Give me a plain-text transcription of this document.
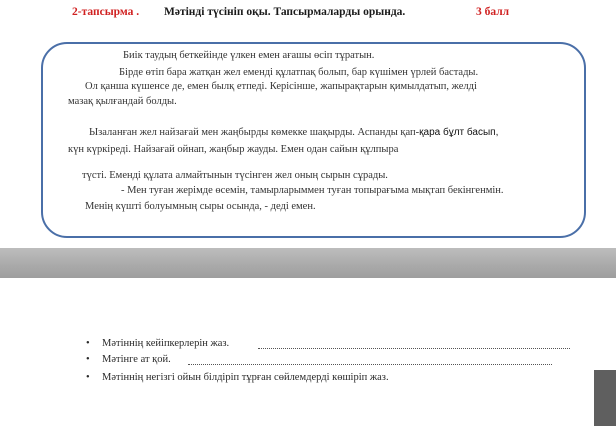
2-тапсырма . Мәтінді түсініп оқы. Тапсырмаларды орында.	3 балл
Биік таудың беткейінде үлкен емен ағашы өсіп тұратын.
Бірде өтіп бара жатқан жел еменді құлатпақ болып, бар күшімен үрлей бастады.
Ол қанша күшенсе де, емен былқ етпеді. Керісінше, жапырақтарын қимылдатып, желді
мазақ қылғандай болды.
Ызаланған жел найзағай мен жаңбырды көмекке шақырды. Аспанды қап-қара бұлт басып,
күн күркіреді. Найзағай ойнап, жаңбыр жауды. Емен одан сайын құлпыра
түсті. Еменді құлата алмайтынын түсінген жел оның сырын сұрады.
- Мен туған жерімде өсемін, тамырларыммен туған топырағыма мықтап бекінгенмін.
Менің күшті болуымның сыры осында, - деді емен.
• Мәтіннің кейіпкерлерін жаз.
• Мәтінге ат қой.
• Мәтіннің негізгі ойын білдіріп тұрған сөйлемдерді көшіріп жаз.
